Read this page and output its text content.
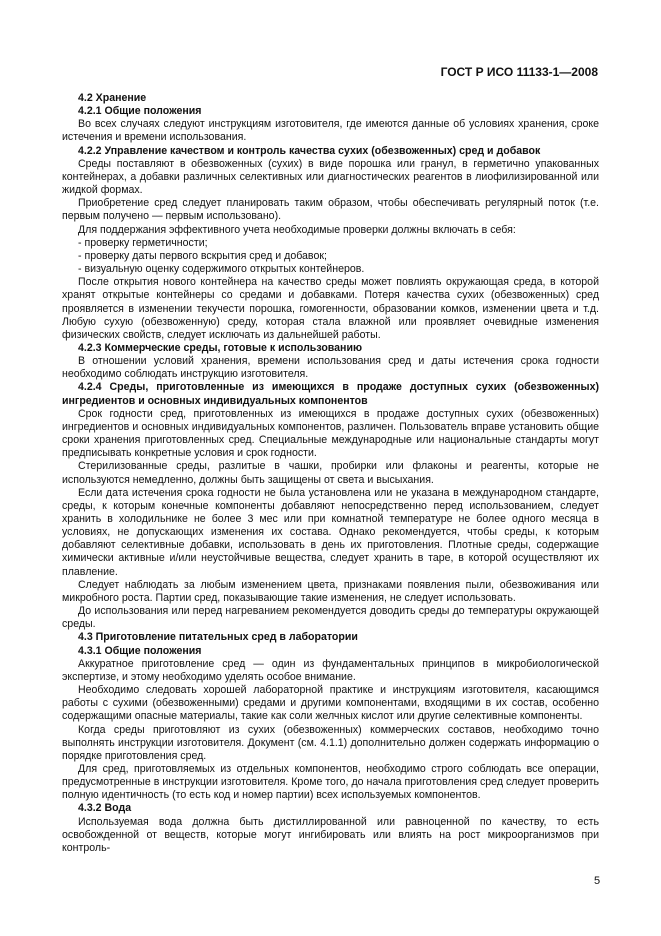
ГОСТ Р ИСО 11133-1—2008

4.2 Хранение

4.2.1 Общие положения

Во всех случаях следуют инструкциям изготовителя, где имеются данные об условиях хранения, сроке истечения и времени использования.

4.2.2 Управление качеством и контроль качества сухих (обезвоженных) сред и добавок

Среды поставляют в обезвоженных (сухих) в виде порошка или гранул, в герметично упакованных контейнерах, а добавки различных селективных или диагностических реагентов в лиофилизированной или жидкой формах.

Приобретение сред следует планировать таким образом, чтобы обеспечивать регулярный поток (т.е. первым получено — первым использовано).

Для поддержания эффективного учета необходимые проверки должны включать в себя:

- проверку герметичности;

- проверку даты первого вскрытия сред и добавок;

- визуальную оценку содержимого открытых контейнеров.

После открытия нового контейнера на качество среды может повлиять окружающая среда, в которой хранят открытые контейнеры со средами и добавками. Потеря качества сухих (обезвоженных) сред проявляется в изменении текучести порошка, гомогенности, образовании комков, изменении цвета и т.д. Любую сухую (обезвоженную) среду, которая стала влажной или проявляет очевидные изменения физических свойств, следует исключать из дальнейшей работы.

4.2.3 Коммерческие среды, готовые к использованию

В отношении условий хранения, времени использования сред и даты истечения срока годности необходимо соблюдать инструкцию изготовителя.

4.2.4 Среды, приготовленные из имеющихся в продаже доступных сухих (обезвоженных) ингредиентов и основных индивидуальных компонентов

Срок годности сред, приготовленных из имеющихся в продаже доступных сухих (обезвоженных) ингредиентов и основных индивидуальных компонентов, различен. Пользователь вправе установить общие сроки хранения приготовленных сред. Специальные международные или национальные стандарты могут предписывать конкретные условия и срок годности.

Стерилизованные среды, разлитые в чашки, пробирки или флаконы и реагенты, которые не используются немедленно, должны быть защищены от света и высыхания.

Если дата истечения срока годности не была установлена или не указана в международном стандарте, среды, к которым конечные компоненты добавляют непосредственно перед использованием, следует хранить в холодильнике не более 3 мес или при комнатной температуре не более одного месяца в условиях, не допускающих изменения их состава. Однако рекомендуется, чтобы среды, к которым добавляют селективные добавки, использовать в день их приготовления. Плотные среды, содержащие химически активные и/или неустойчивые вещества, следует хранить в таре, в которой осуществляют их плавление.

Следует наблюдать за любым изменением цвета, признаками появления пыли, обезвоживания или микробного роста. Партии сред, показывающие такие изменения, не следует использовать.

До использования или перед нагреванием рекомендуется доводить среды до температуры окружающей среды.

4.3 Приготовление питательных сред в лаборатории

4.3.1 Общие положения

Аккуратное приготовление сред — один из фундаментальных принципов в микробиологической экспертизе, и этому необходимо уделять особое внимание.

Необходимо следовать хорошей лабораторной практике и инструкциям изготовителя, касающимся работы с сухими (обезвоженными) средами и другими компонентами, входящими в их состав, особенно содержащими опасные материалы, такие как соли желчных кислот или другие селективные компоненты.

Когда среды приготовляют из сухих (обезвоженных) коммерческих составов, необходимо точно выполнять инструкции изготовителя. Документ (см. 4.1.1) дополнительно должен содержать информацию о порядке приготовления сред.

Для сред, приготовляемых из отдельных компонентов, необходимо строго соблюдать все операции, предусмотренные в инструкции изготовителя. Кроме того, до начала приготовления сред следует проверить полную идентичность (то есть код и номер партии) всех используемых компонентов.

4.3.2 Вода

Используемая вода должна быть дистиллированной или равноценной по качеству, то есть освобожденной от веществ, которые могут ингибировать или влиять на рост микроорганизмов при контроль-

5
